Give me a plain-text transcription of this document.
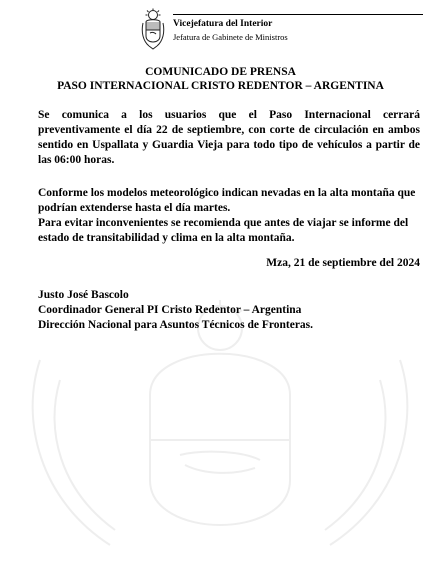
Vicejefatura del Interior
Jefatura de Gabinete de Ministros
COMUNICADO DE PRENSA
PASO INTERNACIONAL CRISTO REDENTOR – ARGENTINA
Se comunica a los usuarios que el Paso Internacional cerrará preventivamente el día 22 de septiembre, con corte de circulación en ambos sentido en Uspallata y Guardia Vieja para todo tipo de vehículos a partir de las 06:00 horas.
Conforme los modelos meteorológico indican nevadas en la alta montaña que podrían extenderse hasta el día martes.
Para evitar inconvenientes se recomienda que antes de viajar se informe del estado de transitabilidad y clima en la alta montaña.
Mza, 21 de septiembre del 2024
Justo José Bascolo
Coordinador General PI Cristo Redentor – Argentina
Dirección Nacional para Asuntos Técnicos de Fronteras.
